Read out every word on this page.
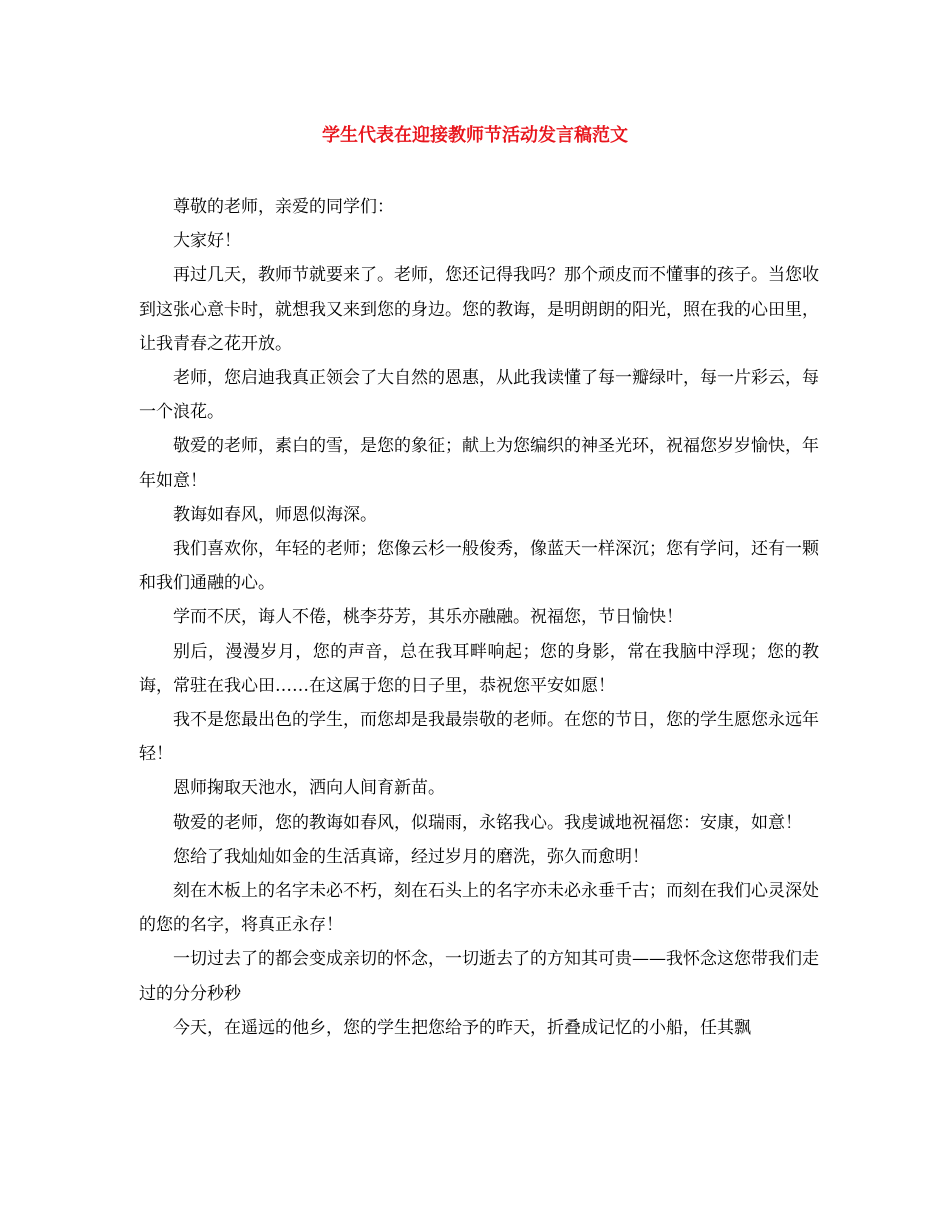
学生代表在迎接教师节活动发言稿范文

尊敬的老师，亲爱的同学们：

大家好！

再过几天，教师节就要来了。老师，您还记得我吗？那个顽皮而不懂事的孩子。当您收到这张心意卡时，就想我又来到您的身边。您的教诲，是明朗朗的阳光，照在我的心田里，让我青春之花开放。

老师，您启迪我真正领会了大自然的恩惠，从此我读懂了每一瓣绿叶，每一片彩云，每一个浪花。

敬爱的老师，素白的雪，是您的象征；献上为您编织的神圣光环，祝福您岁岁愉快，年年如意！

教诲如春风，师恩似海深。

我们喜欢你，年轻的老师；您像云杉一般俊秀，像蓝天一样深沉；您有学问，还有一颗和我们通融的心。

学而不厌，诲人不倦，桃李芬芳，其乐亦融融。祝福您，节日愉快！

别后，漫漫岁月，您的声音，总在我耳畔响起；您的身影，常在我脑中浮现；您的教诲，常驻在我心田……在这属于您的日子里，恭祝您平安如愿！

我不是您最出色的学生，而您却是我最崇敬的老师。在您的节日，您的学生愿您永远年轻！

恩师掬取天池水，洒向人间育新苗。

敬爱的老师，您的教诲如春风，似瑞雨，永铭我心。我虔诚地祝福您：安康，如意！

您给了我灿灿如金的生活真谛，经过岁月的磨洗，弥久而愈明！

刻在木板上的名字未必不朽，刻在石头上的名字亦未必永垂千古；而刻在我们心灵深处的您的名字，将真正永存！

一切过去了的都会变成亲切的怀念，一切逝去了的方知其可贵——我怀念这您带我们走过的分分秒秒

今天，在遥远的他乡，您的学生把您给予的昨天，折叠成记忆的小船，任其飘
